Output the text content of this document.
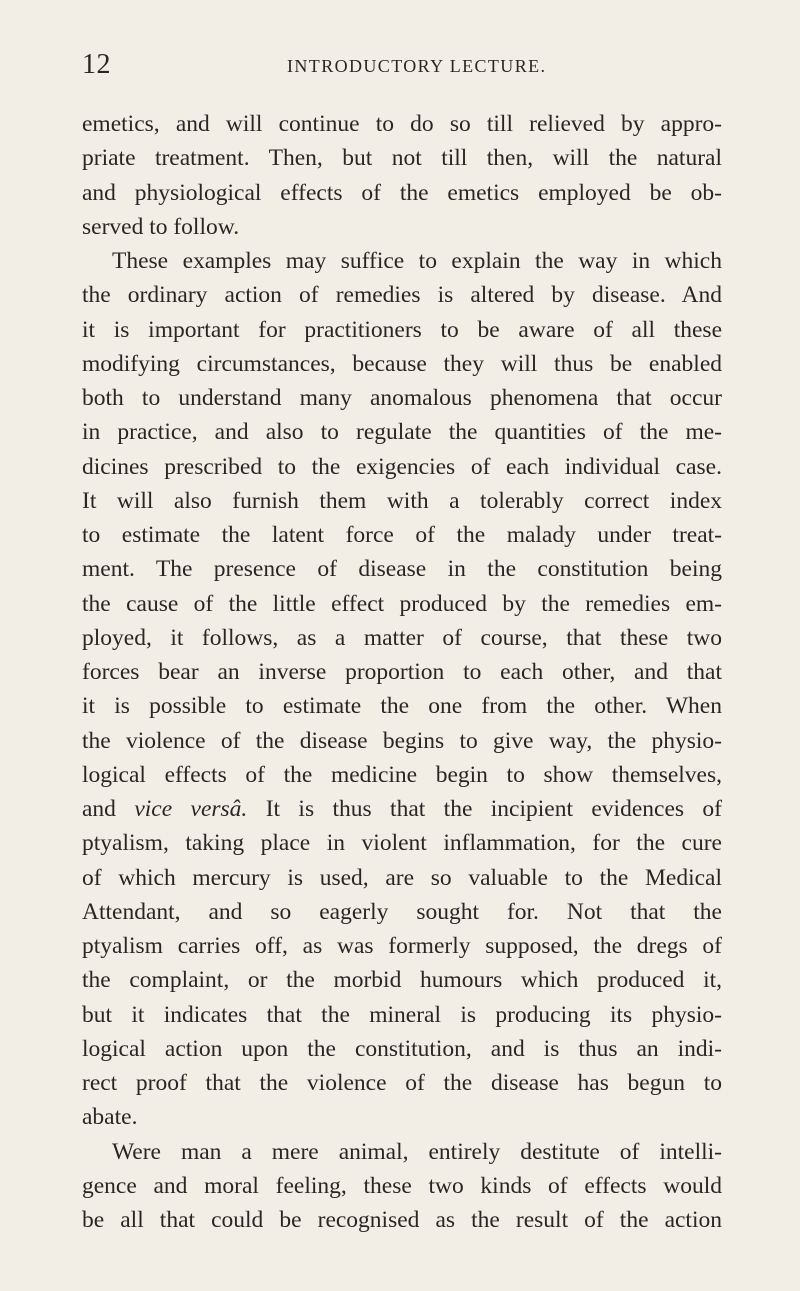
12	INTRODUCTORY LECTURE.
emetics, and will continue to do so till relieved by appro-
priate treatment. Then, but not till then, will the natural
and physiological effects of the emetics employed be ob-
served to follow.
These examples may suffice to explain the way in which
the ordinary action of remedies is altered by disease. And
it is important for practitioners to be aware of all these
modifying circumstances, because they will thus be enabled
both to understand many anomalous phenomena that occur
in practice, and also to regulate the quantities of the me-
dicines prescribed to the exigencies of each individual case.
It will also furnish them with a tolerably correct index
to estimate the latent force of the malady under treat-
ment. The presence of disease in the constitution being
the cause of the little effect produced by the remedies em-
ployed, it follows, as a matter of course, that these two
forces bear an inverse proportion to each other, and that
it is possible to estimate the one from the other. When
the violence of the disease begins to give way, the physio-
logical effects of the medicine begin to show themselves,
and vice versâ. It is thus that the incipient evidences of
ptyalism, taking place in violent inflammation, for the cure
of which mercury is used, are so valuable to the Medical
Attendant, and so eagerly sought for. Not that the
ptyalism carries off, as was formerly supposed, the dregs of
the complaint, or the morbid humours which produced it,
but it indicates that the mineral is producing its physio-
logical action upon the constitution, and is thus an indi-
rect proof that the violence of the disease has begun to
abate.
Were man a mere animal, entirely destitute of intelli-
gence and moral feeling, these two kinds of effects would
be all that could be recognised as the result of the action
